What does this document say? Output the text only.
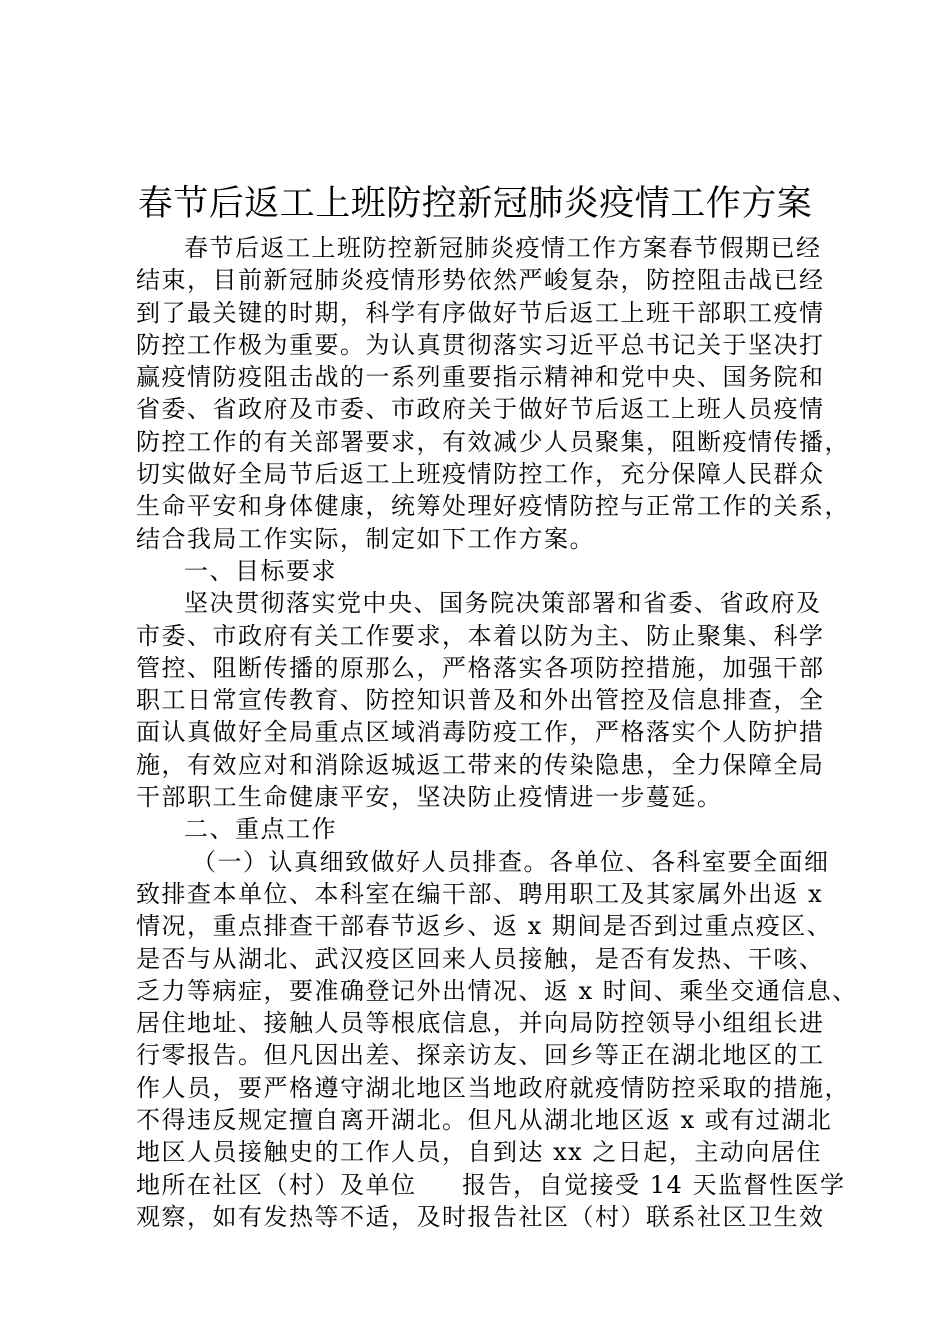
春节后返工上班防控新冠肺炎疫情工作方案
春节后返工上班防控新冠肺炎疫情工作方案春节假期已经
结束，目前新冠肺炎疫情形势依然严峻复杂，防控阻击战已经
到了最关键的时期，科学有序做好节后返工上班干部职工疫情
防控工作极为重要。为认真贯彻落实习近平总书记关于坚决打
赢疫情防疫阻击战的一系列重要指示精神和党中央、国务院和
省委、省政府及市委、市政府关于做好节后返工上班人员疫情
防控工作的有关部署要求，有效减少人员聚集，阻断疫情传播，
切实做好全局节后返工上班疫情防控工作，充分保障人民群众
生命平安和身体健康，统筹处理好疫情防控与正常工作的关系，
结合我局工作实际，制定如下工作方案。
一、目标要求
坚决贯彻落实党中央、国务院决策部署和省委、省政府及
市委、市政府有关工作要求，本着以防为主、防止聚集、科学
管控、阻断传播的原那么，严格落实各项防控措施，加强干部
职工日常宣传教育、防控知识普及和外出管控及信息排查，全
面认真做好全局重点区域消毒防疫工作，严格落实个人防护措
施，有效应对和消除返城返工带来的传染隐患，全力保障全局
干部职工生命健康平安，坚决防止疫情进一步蔓延。
二、重点工作
（一）认真细致做好人员排查。各单位、各科室要全面细
致排查本单位、本科室在编干部、聘用职工及其家属外出返 x
情况，重点排查干部春节返乡、返 x 期间是否到过重点疫区、
是否与从湖北、武汉疫区回来人员接触，是否有发热、干咳、
乏力等病症，要准确登记外出情况、返 x 时间、乘坐交通信息、
居住地址、接触人员等根底信息，并向局防控领导小组组长进
行零报告。但凡因出差、探亲访友、回乡等正在湖北地区的工
作人员，要严格遵守湖北地区当地政府就疫情防控采取的措施，
不得违反规定擅自离开湖北。但凡从湖北地区返 x 或有过湖北
地区人员接触史的工作人员，自到达 xx 之日起，主动向居住
地所在社区（村）及单位     报告，自觉接受 14 天监督性医学
观察，如有发热等不适，及时报告社区（村）联系社区卫生效
